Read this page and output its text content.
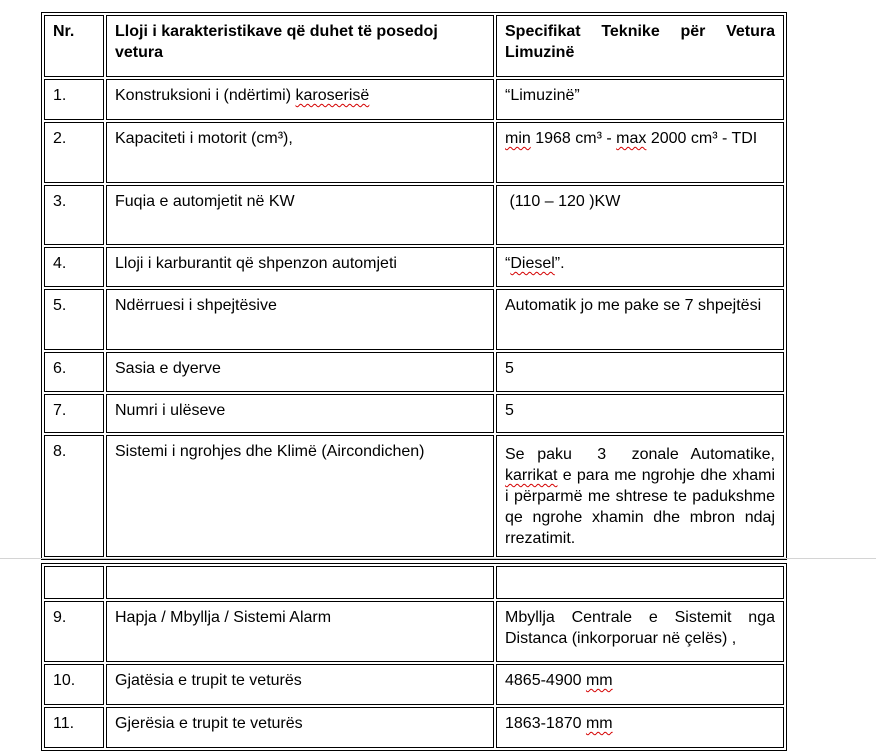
Nr.	Lloji i karakteristikave që duhet të posedoj vetura	Specifikat Teknike për Vetura Limuzinë
1.	Konstruksioni i (ndërtimi) karoserisë	“Limuzinë”
2.	Kapaciteti i motorit (cm³),	min 1968 cm³ - max 2000 cm³ - TDI
3.	Fuqia e automjetit në KW	(110 – 120 )KW
4.	Lloji i karburantit që shpenzon automjeti	“Diesel”.
5.	Ndërruesi i shpejtësive	Automatik jo me pake se 7 shpejtësi
6.	Sasia e dyerve	5
7.	Numri i ulëseve	5
8.	Sistemi i ngrohjes dhe Klimë (Aircondichen)	Se paku  3  zonale Automatike, karrikat e para me ngrohje dhe xhami i përparmë me shtrese te padukshme qe ngrohe xhamin dhe mbron ndaj rrezatimit.

9.	Hapja / Mbyllja / Sistemi Alarm	Mbyllja Centrale e Sistemit nga Distanca (inkorporuar në çelës) ,
10.	Gjatësia e trupit te veturës	4865-4900 mm
11.	Gjerësia e trupit te veturës	1863-1870 mm
